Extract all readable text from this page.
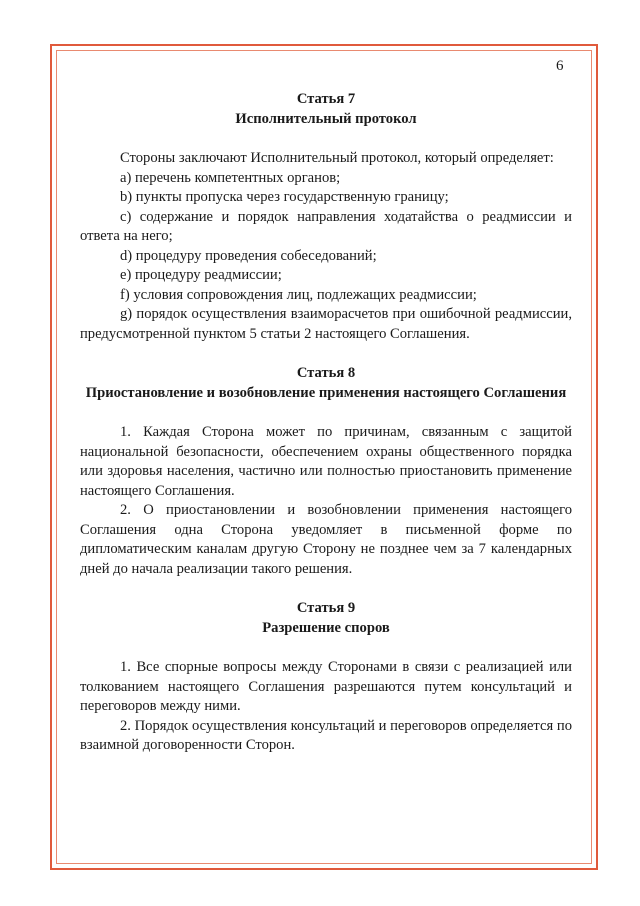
6

Статья 7

Исполнительный протокол

Стороны заключают Исполнительный протокол, который определяет:

a) перечень компетентных органов;

b) пункты пропуска через государственную границу;

c) содержание и порядок направления ходатайства о реадмиссии и ответа на него;

d) процедуру проведения собеседований;

e) процедуру реадмиссии;

f) условия сопровождения лиц, подлежащих реадмиссии;

g) порядок осуществления взаиморасчетов при ошибочной реадмиссии, предусмотренной пунктом 5 статьи 2 настоящего Соглашения.

Статья 8

Приостановление и возобновление применения настоящего Соглашения

1. Каждая Сторона может по причинам, связанным с защитой национальной безопасности, обеспечением охраны общественного порядка или здоровья населения, частично или полностью приостановить применение настоящего Соглашения.

2. О приостановлении и возобновлении применения настоящего Соглашения одна Сторона уведомляет в письменной форме по дипломатическим каналам другую Сторону не позднее чем за 7 календарных дней до начала реализации такого решения.

Статья 9

Разрешение споров

1. Все спорные вопросы между Сторонами в связи с реализацией или толкованием настоящего Соглашения разрешаются путем консультаций и переговоров между ними.

2. Порядок осуществления консультаций и переговоров определяется по взаимной договоренности Сторон.
